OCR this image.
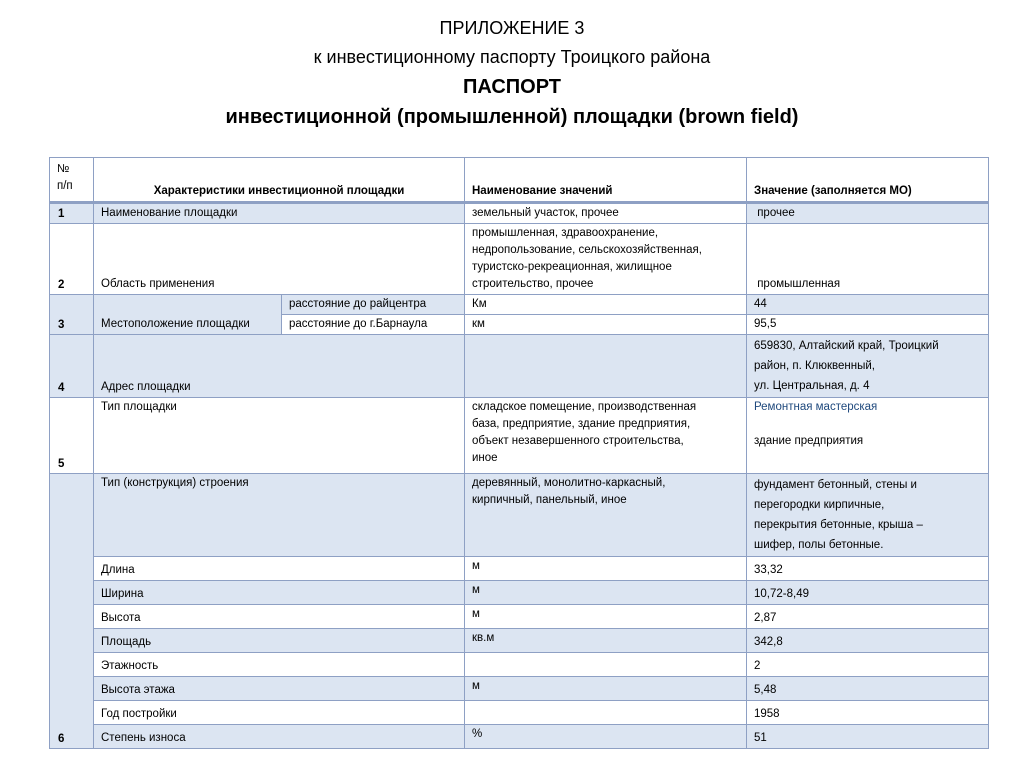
ПРИЛОЖЕНИЕ 3
к инвестиционному паспорту Троицкого района
ПАСПОРТ
инвестиционной (промышленной) площадки (brown field)
№
п/п	Характеристики инвестиционной площадки		Наименование значений	Значение (заполняется МО)
1	Наименование площадки		земельный участок, прочее	прочее
2	Область применения		промышленная, здравоохранение,
недропользование, сельскохозяйственная,
туристско-рекреационная, жилищное
строительство, прочее	промышленная
3	Местоположение площадки	расстояние до райцентра	Км	44
		расстояние до г.Барнаула	км	95,5
4	Адрес площадки			659830, Алтайский край, Троицкий
район, п. Клюквенный,
ул. Центральная, д. 4

5	Тип площадки		складское помещение, производственная
база, предприятие, здание предприятия,
объект незавершенного строительства,
иное	Ремонтная мастерская
здание предприятия

6	Тип (конструкция) строения		деревянный, монолитно-каркасный,
кирпичный, панельный, иное	фундамент бетонный, стены и
перегородки кирпичные,
перекрытия бетонные, крыша –
шифер, полы бетонные.

	Длина		м	33,32
	Ширина		м	10,72-8,49
	Высота		м	2,87
	Площадь		кв.м	342,8
	Этажность			2
	Высота этажа		м	5,48
	Год постройки			1958
	Степень износа		%	51
